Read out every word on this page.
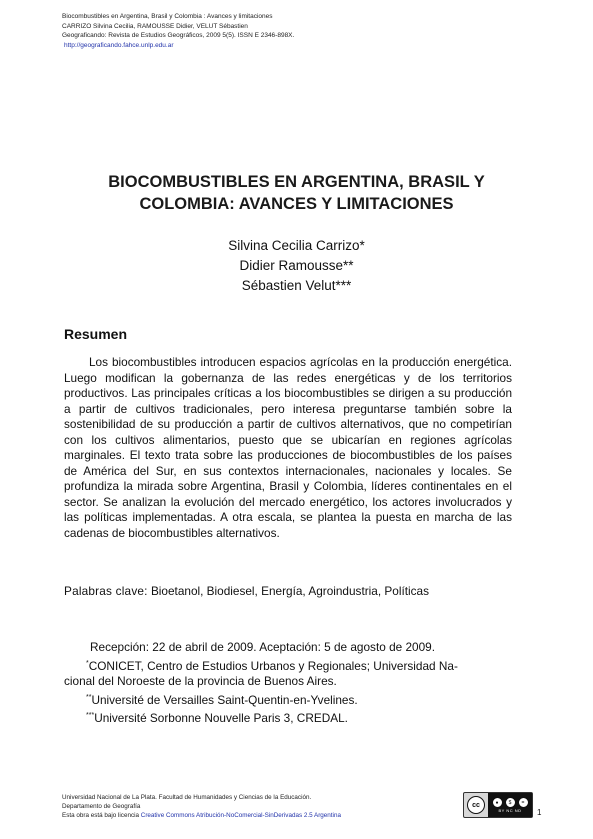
Biocombustibles en Argentina, Brasil y Colombia : Avances y limitaciones
CARRIZO Silvina Cecilia, RAMOUSSE Didier, VELUT Sébastien
Geograficando: Revista de Estudios Geográficos, 2009 5(5). ISSN E 2346-898X.
http://geograficando.fahce.unlp.edu.ar
BIOCOMBUSTIBLES EN ARGENTINA, BRASIL Y
COLOMBIA: AVANCES Y LIMITACIONES
Silvina Cecilia Carrizo*
Didier Ramousse**
Sébastien Velut***
Resumen

Los biocombustibles introducen espacios agrícolas en la producción energética. Luego modifican la gobernanza de las redes energéticas y de los territorios productivos. Las principales críticas a los biocombustibles se dirigen a su producción a partir de cultivos tradicionales, pero interesa preguntarse también sobre la sostenibilidad de su producción a partir de cultivos alternativos, que no competirían con los cultivos alimentarios, puesto que se ubicarían en regiones agrícolas marginales. El texto trata sobre las producciones de biocombustibles de los países de América del Sur, en sus contextos internacionales, nacionales y locales. Se profundiza la mirada sobre Argentina, Brasil y Colombia, líderes continentales en el sector. Se analizan la evolución del mercado energético, los actores involucrados y las políticas implementadas. A otra escala, se plantea la puesta en marcha de las cadenas de biocombustibles alternativos.

Palabras clave: Bioetanol, Biodiesel, Energía, Agroindustria, Políticas
Recepción: 22 de abril de 2009. Aceptación: 5 de agosto de 2009.
*CONICET, Centro de Estudios Urbanos y Regionales; Universidad Na-
cional del Noroeste de la provincia de Buenos Aires.
**Université de Versailles Saint-Quentin-en-Yvelines.
***Université Sorbonne Nouvelle Paris 3, CREDAL.
Universidad Nacional de La Plata. Facultad de Humanidades y Ciencias de la Educación.
Departamento de Geografía
Esta obra está bajo licencia Creative Commons Atribución-NoComercial-SinDerivadas 2.5 Argentina
cc	●	$	=
BY NC ND 1
